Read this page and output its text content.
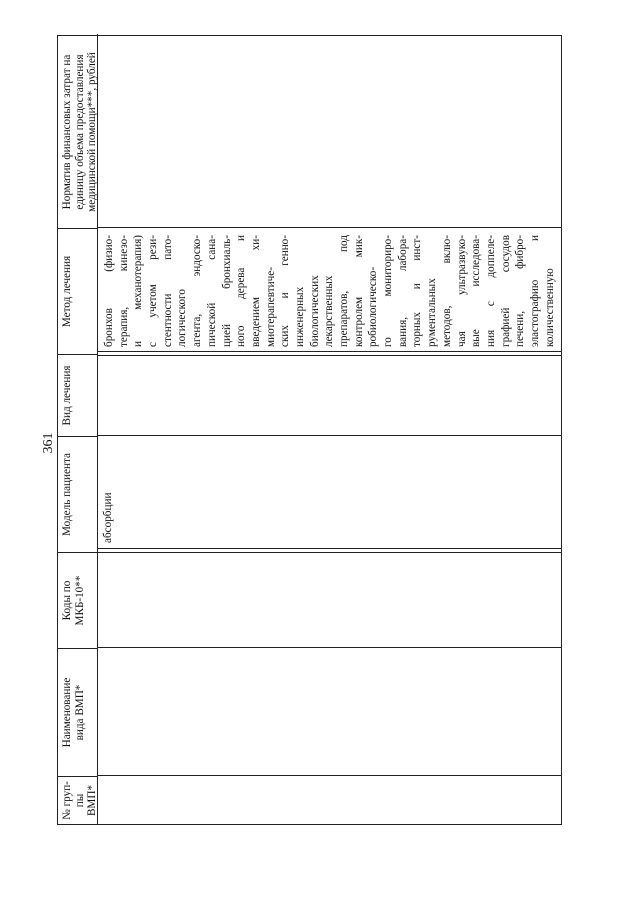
361
№ груп- пы ВМП*
Наименование вида ВМП*
Коды по МКБ-10**
Модель пациента
Вид лечения
Метод лечения
Норматив финансовых затрат на единицу объема предоставления медицинской помощи***, рублей
абсорбции
бронхов (физио- терапия, кинезо- и механотерапия) с учетом рези- стентности пато- логического агента, эндоско- пической сана- цией бронхиаль- ного дерева и введением хи- миотерапевтиче- ских и генно- инженерных биологических лекарственных препаратов, под контролем мик- робиологическо- го мониториро- вания, лабора- торных и инст- рументальных методов, вклю- чая ультразвуко- вые исследова- ния с доппеле- графией сосудов печени, фибро- эластографию и количественную
